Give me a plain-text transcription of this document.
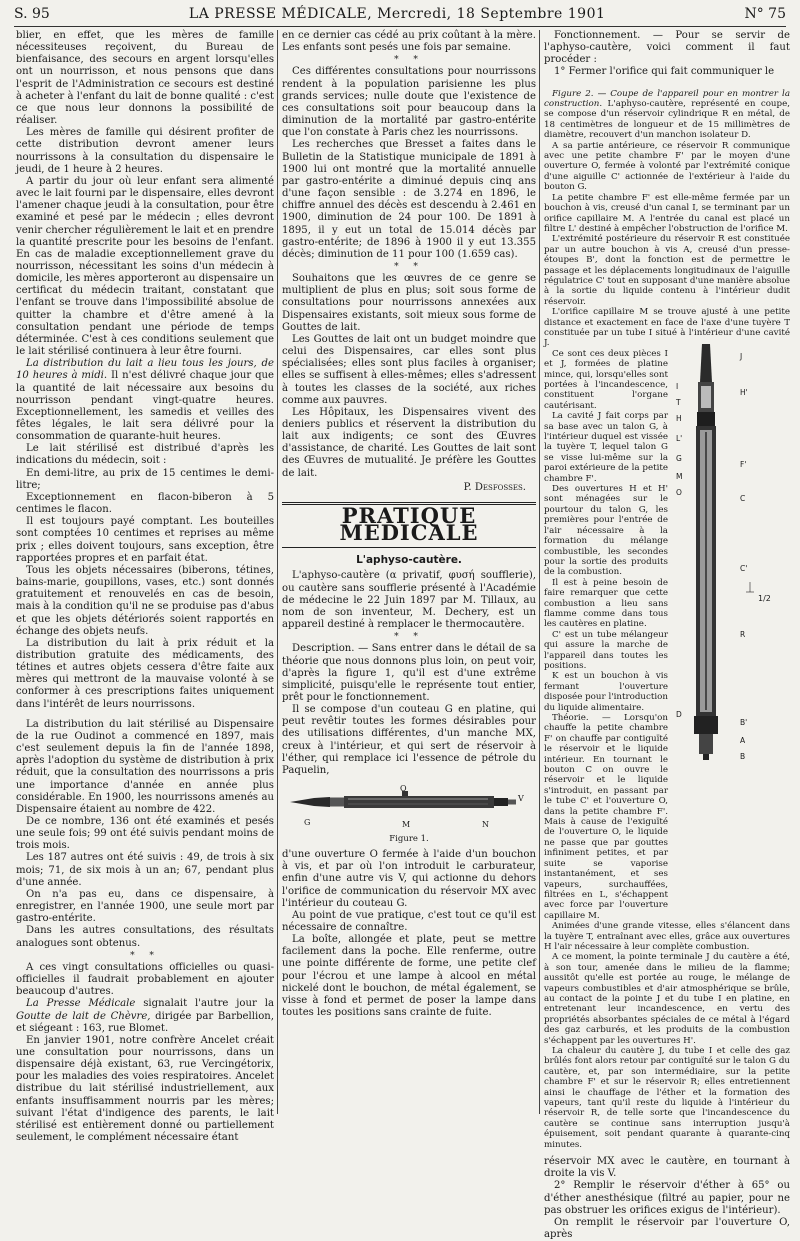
S. 95	LA PRESSE MÉDICALE, Mercredi, 18 Septembre 1901	N° 75

blier, en effet, que les mères de famille nécessiteuses reçoivent, du Bureau de bienfaisance, des secours en argent lorsqu'elles ont un nourrisson, et nous pensons que dans l'esprit de l'Administration ce secours est destiné à acheter à l'enfant du lait de bonne qualité : c'est ce que nous leur donnons la possibilité de réaliser.

Les mères de famille qui désirent profiter de cette distribution devront amener leurs nourrissons à la consultation du dispensaire le jeudi, de 1 heure à 2 heures.

A partir du jour où leur enfant sera alimenté avec le lait fourni par le dispensaire, elles devront l'amener chaque jeudi à la consultation, pour être examiné et pesé par le médecin ; elles devront venir chercher régulièrement le lait et en prendre la quantité prescrite pour les besoins de l'enfant. En cas de maladie exceptionnellement grave du nourrisson, nécessitant les soins d'un médecin à domicile, les mères apporteront au dispensaire un certificat du médecin traitant, constatant que l'enfant se trouve dans l'impossibilité absolue de quitter la chambre et d'être amené à la consultation pendant une période de temps déterminée. C'est à ces conditions seulement que le lait stérilisé continuera à leur être fourni.

La distribution du lait a lieu tous les jours, de 10 heures à midi. Il n'est délivré chaque jour que la quantité de lait nécessaire aux besoins du nourrisson pendant vingt-quatre heures. Exceptionnellement, les samedis et veilles des fêtes légales, le lait sera délivré pour la consommation de quarante-huit heures.

Le lait stérilisé est distribué d'après les indications du médecin, soit :

En demi-litre, au prix de 15 centimes le demi-litre;

Exceptionnement en flacon-biberon à 5 centimes le flacon.

Il est toujours payé comptant. Les bouteilles sont comptées 10 centimes et reprises au même prix ; elles doivent toujours, sans exception, être rapportées propres et en parfait état.

Tous les objets nécessaires (biberons, tétines, bains-marie, goupillons, vases, etc.) sont donnés gratuitement et renouvelés en cas de besoin, mais à la condition qu'il ne se produise pas d'abus et que les objets détériorés soient rapportés en échange des objets neufs.

La distribution du lait à prix réduit et la distribution gratuite des médicaments, des tétines et autres objets cessera d'être faite aux mères qui mettront de la mauvaise volonté à se conformer à ces prescriptions faites uniquement dans l'intérêt de leurs nourrissons.

La distribution du lait stérilisé au Dispensaire de la rue Oudinot a commencé en 1897, mais c'est seulement depuis la fin de l'année 1898, après l'adoption du système de distribution à prix réduit, que la consultation des nourrissons a pris une importance d'année en année plus considérable. En 1900, les nourrissons amenés au Dispensaire étaient au nombre de 422.

De ce nombre, 136 ont été examinés et pesés une seule fois; 99 ont été suivis pendant moins de trois mois.

Les 187 autres ont été suivis : 49, de trois à six mois; 71, de six mois à un an; 67, pendant plus d'une année.

On n'a pas eu, dans ce dispensaire, à enregistrer, en l'année 1900, une seule mort par gastro-entérite.

Dans les autres consultations, des résultats analogues sont obtenus.

* *

A ces vingt consultations officielles ou quasi-officielles il faudrait probablement en ajouter beaucoup d'autres.

La Presse Médicale signalait l'autre jour la Goutte de lait de Chèvre, dirigée par Barbellion, et siégeant : 163, rue Blomet.

En janvier 1901, notre confrère Ancelet créait une consultation pour nourrissons, dans un dispensaire déjà existant, 63, rue Vercingétorix, pour les maladies des voies respiratoires. Ancelet distribue du lait stérilisé industriellement, aux enfants insuffisamment nourris par les mères; suivant l'état d'indigence des parents, le lait stérilisé est entièrement donné ou partiellement seulement, le complément nécessaire étant

en ce dernier cas cédé au prix coûtant à la mère. Les enfants sont pesés une fois par semaine.

* *

Ces différentes consultations pour nourrissons rendent à la population parisienne les plus grands services; nulle doute que l'existence de ces consultations soit pour beaucoup dans la diminution de la mortalité par gastro-entérite que l'on constate à Paris chez les nourrissons.

Les recherches que Bresset a faites dans le Bulletin de la Statistique municipale de 1891 à 1900 lui ont montré que la mortalité annuelle par gastro-entérite a diminué depuis cinq ans d'une façon sensible : de 3.274 en 1896, le chiffre annuel des décès est descendu à 2.461 en 1900, diminution de 24 pour 100. De 1891 à 1895, il y eut un total de 15.014 décès par gastro-entérite; de 1896 à 1900 il y eut 13.355 décès; diminution de 11 pour 100 (1.659 cas).

* *

Souhaitons que les œuvres de ce genre se multiplient de plus en plus; soit sous forme de consultations pour nourrissons annexées aux Dispensaires existants, soit mieux sous forme de Gouttes de lait.

Les Gouttes de lait ont un budget moindre que celui des Dispensaires, car elles sont plus spécialisées; elles sont plus faciles à organiser; elles se suffisent à elles-mêmes; elles s'adressent à toutes les classes de la société, aux riches comme aux pauvres.

Les Hôpitaux, les Dispensaires vivent des deniers publics et réservent la distribution du lait aux indigents; ce sont des Œuvres d'assistance, de charité. Les Gouttes de lait sont des Œuvres de mutualité. Je préfère les Gouttes de lait.

P. Desfosses.

PRATIQUE MÉDICALE

L'aphyso-cautère.

L'aphyso-cautère (α privatif, φυσή soufflerie), ou cautère sans soufflerie présenté à l'Académie de médecine le 22 Juin 1897 par M. Tillaux, au nom de son inventeur, M. Dechery, est un appareil destiné à remplacer le thermocautère.

* *

Description. — Sans entrer dans le détail de sa théorie que nous donnons plus loin, on peut voir, d'après la figure 1, qu'il est d'une extrême simplicité, puisqu'elle le représente tout entier, prêt pour le fonctionnement.

Il se compose d'un couteau G en platine, qui peut revêtir toutes les formes désirables pour des utilisations différentes, d'un manche MX, creux à l'intérieur, et qui sert de réservoir à l'éther, qui remplace ici l'essence de pétrole du Paquelin,

O
V
G	M	N
Figure 1.

d'une ouverture O fermée à l'aide d'un bouchon à vis, et par où l'on introduit le carburateur, enfin d'une autre vis V, qui actionne du dehors l'orifice de communication du réservoir MX avec l'intérieur du couteau G.

Au point de vue pratique, c'est tout ce qu'il est nécessaire de connaître.

La boîte, allongée et plate, peut se mettre facilement dans la poche. Elle renferme, outre une pointe différente de forme, une petite clef pour l'écrou et une lampe à alcool en métal nickelé dont le bouchon, de métal également, se visse à fond et permet de poser la lampe dans toutes les positions sans crainte de fuite.

Fonctionnement. — Pour se servir de l'aphyso-cautère, voici comment il faut procéder :

1° Fermer l'orifice qui fait communiquer le

Figure 2. — Coupe de l'appareil pour en montrer la construction. L'aphyso-cautère, représenté en coupe, se compose d'un réservoir cylindrique R en métal, de 18 centimètres de longueur et de 15 millimètres de diamètre, recouvert d'un manchon isolateur D.

A sa partie antérieure, ce réservoir R communique avec une petite chambre F' par le moyen d'une ouverture O, fermée à volonté par l'extrémité conique d'une aiguille C' actionnée de l'extérieur à l'aide du bouton G.

La petite chambre F' est elle-même fermée par un bouchon à vis, creusé d'un canal I, se terminant par un orifice capillaire M. A l'entrée du canal est placé un filtre L' destiné à empêcher l'obstruction de l'orifice M.

L'extrémité postérieure du réservoir R est constituée par un autre bouchon à vis A, creusé d'un presse-étoupes B', dont la fonction est de permettre le passage et les déplacements longitudinaux de l'aiguille régulatrice C' tout en supposant d'une manière absolue à la sortie du liquide contenu à l'intérieur dudit réservoir.

L'orifice capillaire M se trouve ajusté à une petite distance et exactement en face de l'axe d'une tuyère T constituée par un tube I situé à l'intérieur d'une cavité J.

Ce sont ces deux pièces I et J, formées de platine mince, qui, lorsqu'elles sont portées à l'incandescence, constituent l'organe cautérisant.

La cavité J fait corps par sa base avec un talon G, à l'intérieur duquel est vissée la tuyère T, lequel talon G se visse lui-même sur la paroi extérieure de la petite chambre F'.

Des ouvertures H et H' sont ménagées sur le pourtour du talon G, les premières pour l'entrée de l'air nécessaire à la formation du mélange combustible, les secondes pour la sortie des produits de la combustion.

Il est à peine besoin de faire remarquer que cette combustion a lieu sans flamme comme dans tous les cautères en platine.

C' est un tube mélangeur qui assure la marche de l'appareil dans toutes les positions.

K est un bouchon à vis fermant l'ouverture disposée pour l'introduction du liquide alimentaire.

Théorie. — Lorsqu'on chauffe la petite chambre F' on chauffe par contiguïté le réservoir et le liquide intérieur. En tournant le bouton C on ouvre le réservoir et le liquide s'introduit, en passant par le tube C' et l'ouverture O, dans la petite chambre F'. Mais à cause de l'exiguïté de l'ouverture O, le liquide ne passe que par gouttes infiniment petites, et par suite se vaporise instantanément, et ses vapeurs, surchauffées, filtrées en L, s'échappent avec force par l'ouverture capillaire M.

Animées d'une grande vitesse, elles s'élancent dans la tuyère T, entraînant avec elles, grâce aux ouvertures H l'air nécessaire à leur complète combustion.

A ce moment, la pointe terminale J du cautère a été, à son tour, amenée dans le milieu de la flamme; aussitôt qu'elle est portée au rouge, le mélange de vapeurs combustibles et d'air atmosphérique se brûle, au contact de la pointe J et du tube I en platine, en entretenant leur incandescence, en vertu des propriétés absorbantes spéciales de ce métal à l'égard des gaz carburés, et les produits de la combustion s'échappent par les ouvertures H'.

La chaleur du cautère J, du tube I et celle des gaz brûlés font alors retour par contiguïté sur le talon G du cautère, et, par son intermédiaire, sur la petite chambre F' et sur le réservoir R; elles entretiennent ainsi le chauffage de l'éther et la formation des vapeurs, tant qu'il reste du liquide à l'intérieur du réservoir R, de telle sorte que l'incandescence du cautère se continue sans interruption jusqu'à épuisement, soit pendant quarante à quarante-cinq minutes.

réservoir MX avec le cautère, en tournant à droite la vis V.

2° Remplir le réservoir d'éther à 65° ou d'éther anesthésique (filtré au papier, pour ne pas obstruer les orifices exigus de l'intérieur).

On remplit le réservoir par l'ouverture O, après

J
I
H'
T
H
L'
G
F'
M
O
C
C'
R
D
B'
A
B
1/2
